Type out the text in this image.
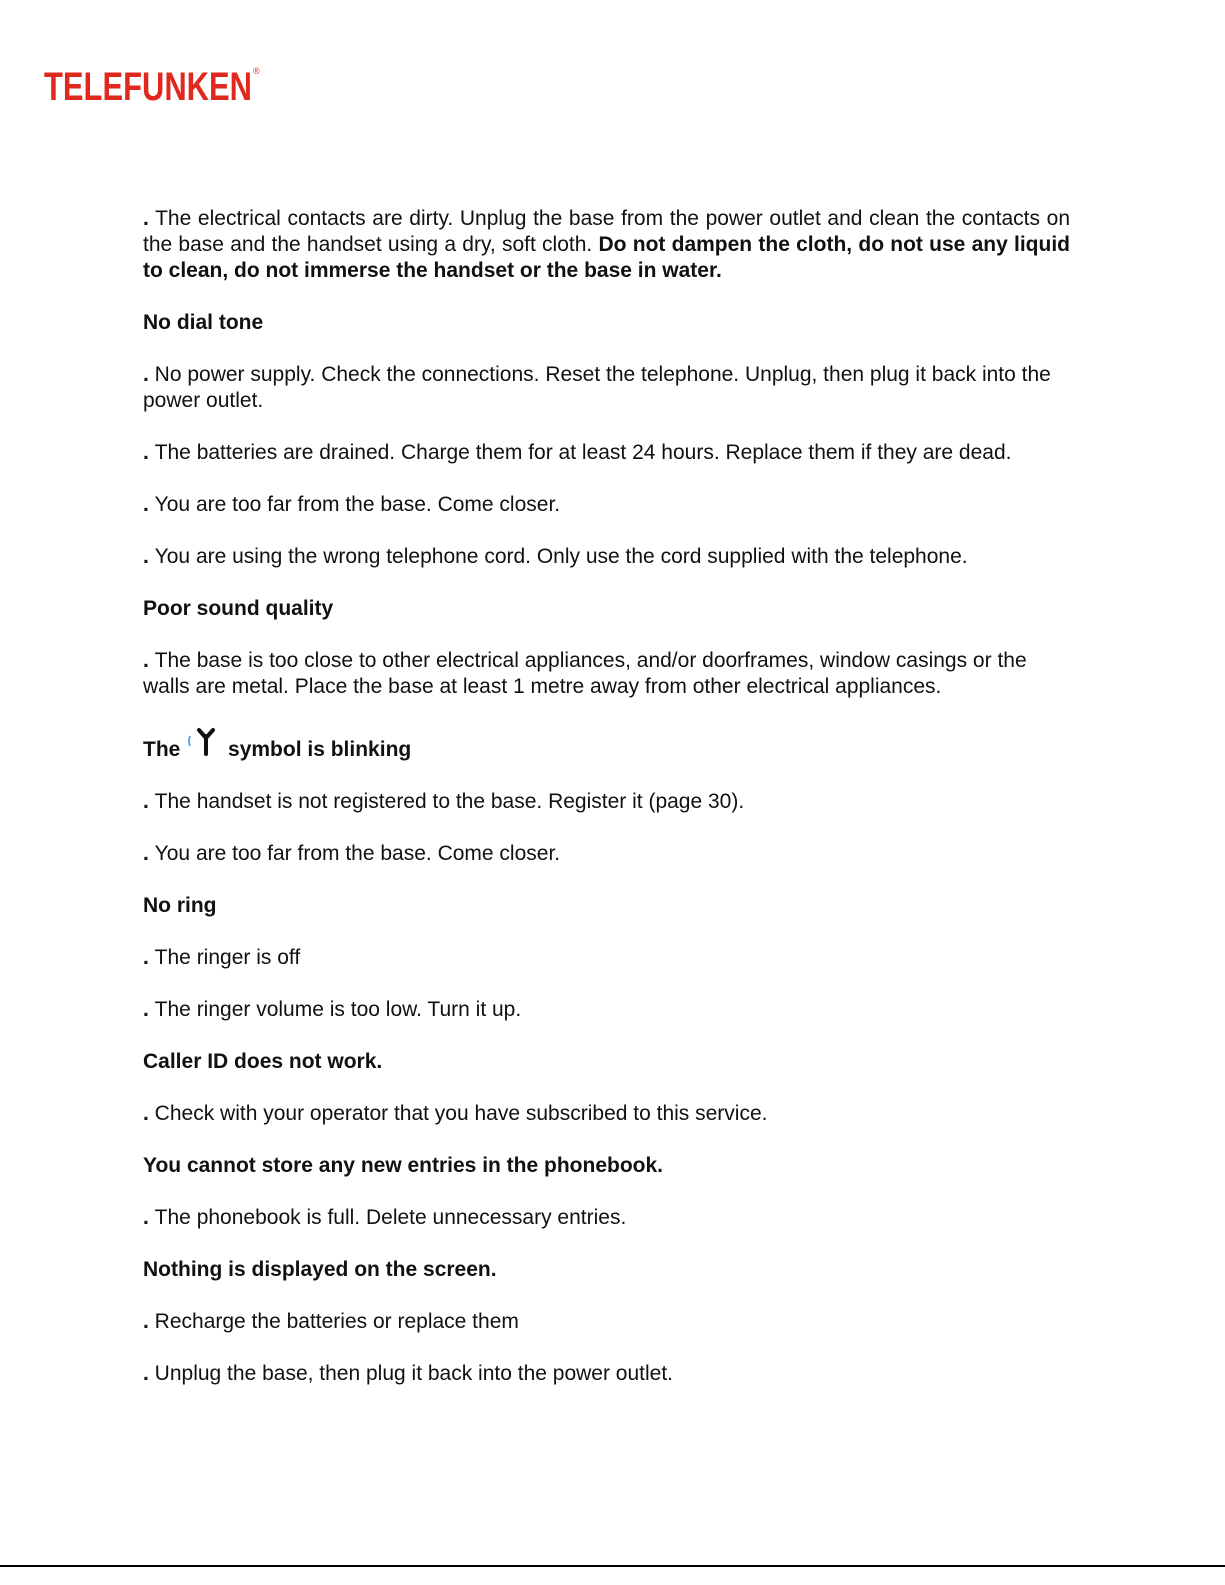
TELEFUNKEN ®

. The electrical contacts are dirty. Unplug the base from the power outlet and clean the contacts on the base and the handset using a dry, soft cloth. Do not dampen the cloth, do not use any liquid to clean, do not immerse the handset or the base in water.

No dial tone

. No power supply. Check the connections. Reset the telephone. Unplug, then plug it back into the power outlet.

. The batteries are drained. Charge them for at least 24 hours. Replace them if they are dead.

. You are too far from the base. Come closer.

. You are using the wrong telephone cord. Only use the cord supplied with the telephone.

Poor sound quality

. The base is too close to other electrical appliances, and/or doorframes, window casings or the walls are metal. Place the base at least 1 metre away from other electrical appliances.

The symbol is blinking

. The handset is not registered to the base. Register it (page 30).

. You are too far from the base. Come closer.

No ring

. The ringer is off

. The ringer volume is too low. Turn it up.

Caller ID does not work.

. Check with your operator that you have subscribed to this service.

You cannot store any new entries in the phonebook.

. The phonebook is full. Delete unnecessary entries.

Nothing is displayed on the screen.

. Recharge the batteries or replace them

. Unplug the base, then plug it back into the power outlet.
